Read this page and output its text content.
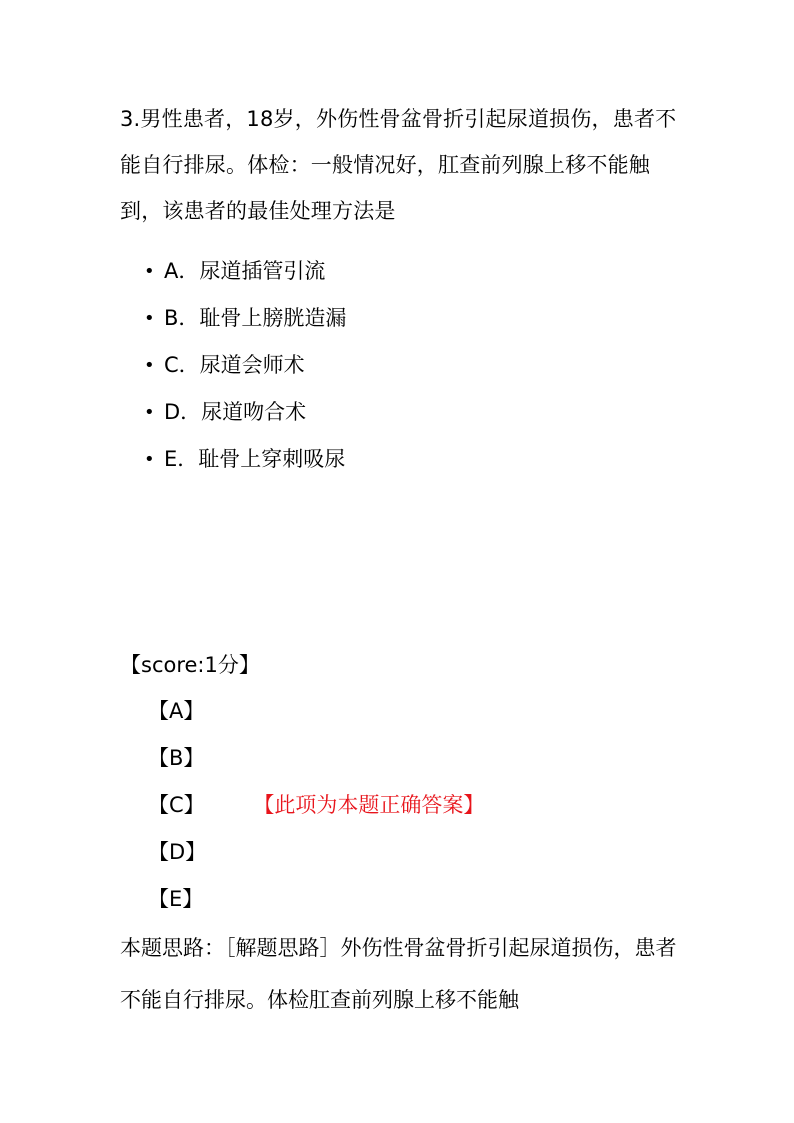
3.男性患者，18岁，外伤性骨盆骨折引起尿道损伤，患者不能自行排尿。体检：一般情况好，肛查前列腺上移不能触到，该患者的最佳处理方法是
• A．尿道插管引流
• B．耻骨上膀胱造漏
• C．尿道会师术
• D．尿道吻合术
• E．耻骨上穿刺吸尿
【score:1分】
【A】
【B】
【C】 【此项为本题正确答案】
【D】
【E】
本题思路：［解题思路］外伤性骨盆骨折引起尿道损伤，患者不能自行排尿。体检肛查前列腺上移不能触
